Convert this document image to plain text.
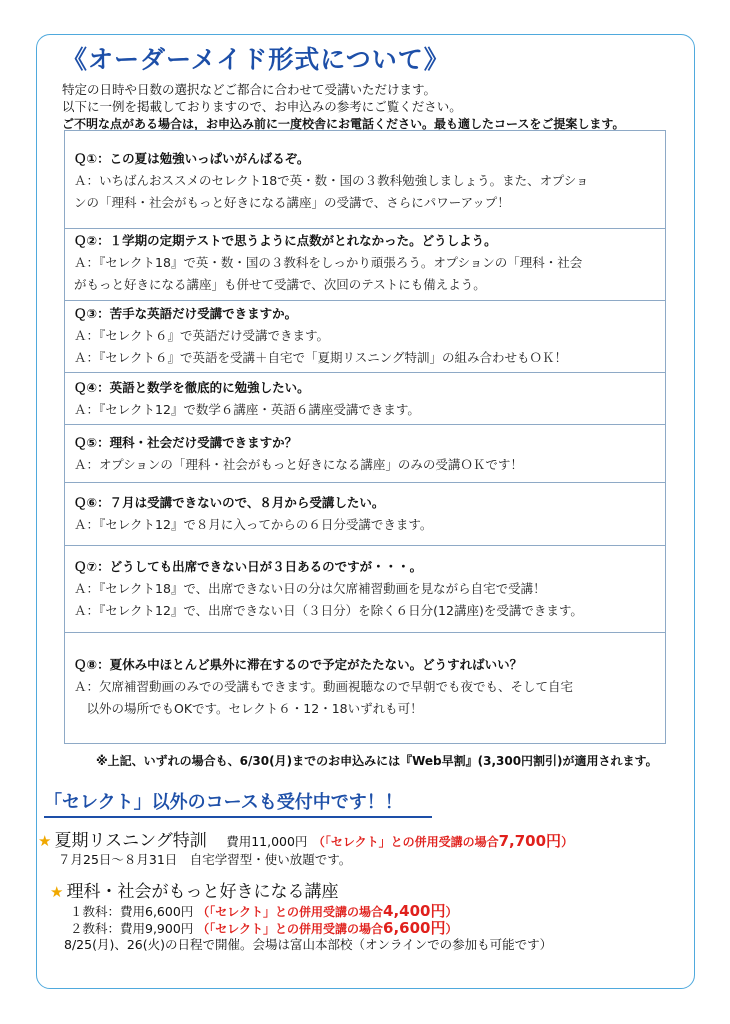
《オーダーメイド形式について》
特定の日時や日数の選択などご都合に合わせて受講いただけます。
以下に一例を掲載しておりますので、お申込みの参考にご覧ください。
ご不明な点がある場合は，お申込み前に一度校舎にお電話ください。最も適したコースをご提案します。
Ｑ①：この夏は勉強いっぱいがんばるぞ。
Ａ：いちばんおススメのセレクト18で英・数・国の３教科勉強しましょう。また、オプショ
ンの「理科・社会がもっと好きになる講座」の受講で、さらにパワーアップ！
Ｑ②：１学期の定期テストで思うように点数がとれなかった。どうしよう。
Ａ：『セレクト18』で英・数・国の３教科をしっかり頑張ろう。オプションの「理科・社会
がもっと好きになる講座」も併せて受講で、次回のテストにも備えよう。
Ｑ③：苦手な英語だけ受講できますか。
Ａ：『セレクト６』で英語だけ受講できます。
Ａ：『セレクト６』で英語を受講＋自宅で「夏期リスニング特訓」の組み合わせもＯＫ！
Ｑ④：英語と数学を徹底的に勉強したい。
Ａ：『セレクト12』で数学６講座・英語６講座受講できます。
Ｑ⑤：理科・社会だけ受講できますか？
Ａ：オプションの「理科・社会がもっと好きになる講座」のみの受講ＯＫです！
Ｑ⑥：７月は受講できないので、８月から受講したい。
Ａ：『セレクト12』で８月に入ってからの６日分受講できます。
Ｑ⑦：どうしても出席できない日が３日あるのですが・・・。
Ａ：『セレクト18』で、出席できない日の分は欠席補習動画を見ながら自宅で受講！
Ａ：『セレクト12』で、出席できない日（３日分）を除く６日分(12講座)を受講できます。
Ｑ⑧：夏休み中ほとんど県外に滞在するので予定がたたない。どうすればいい？
Ａ：欠席補習動画のみでの受講もできます。動画視聴なので早朝でも夜でも、そして自宅
　以外の場所でもOKです。セレクト６・12・18いずれも可！
※上記、いずれの場合も、6/30(月)までのお申込みには『Web早割』(3,300円割引)が適用されます。
「セレクト」以外のコースも受付中です！！
★ 夏期リスニング特訓 費用11,000円 （「セレクト」との併用受講の場合7,700円）
７月25日～８月31日　自宅学習型・使い放題です。
★ 理科・社会がもっと好きになる講座
１教科：費用6,600円 （「セレクト」との併用受講の場合4,400円）
２教科：費用9,900円 （「セレクト」との併用受講の場合6,600円）
8/25(月)、26(火)の日程で開催。会場は富山本部校（オンラインでの参加も可能です）
